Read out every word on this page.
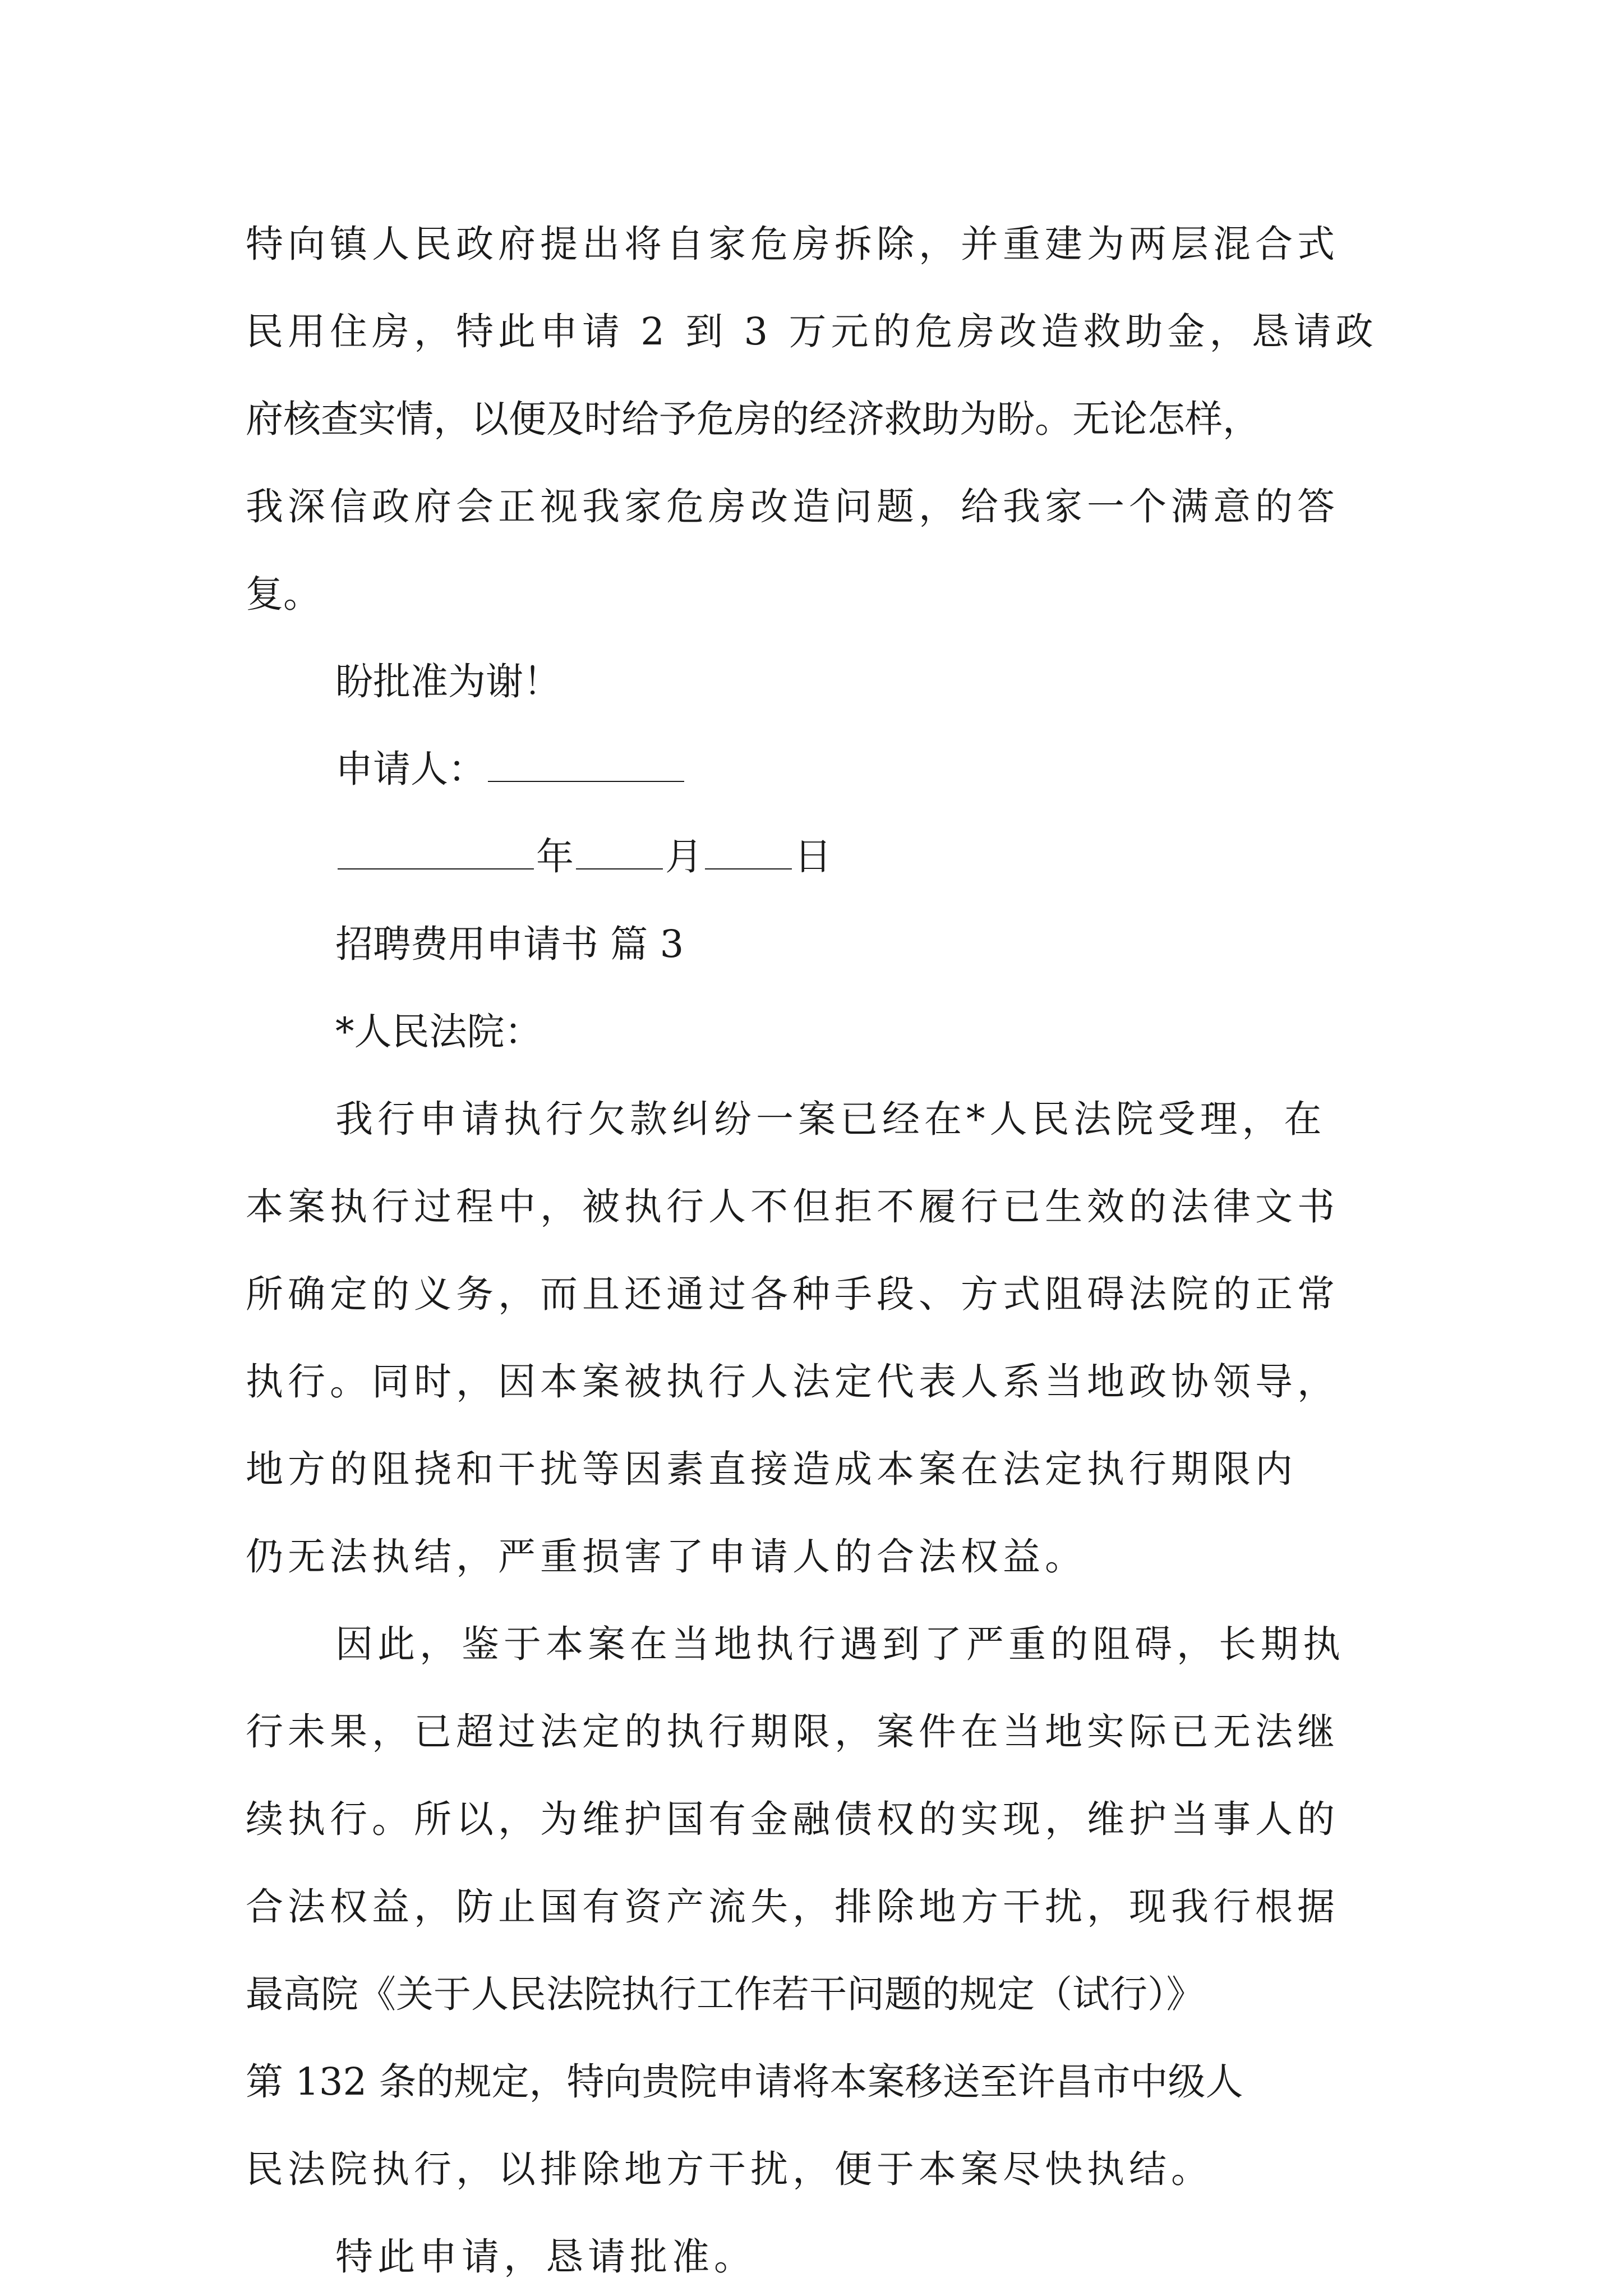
特向镇人民政府提出将自家危房拆除，并重建为两层混合式
民用住房，特此申请 2 到 3 万元的危房改造救助金，恳请政
府核查实情，以便及时给予危房的经济救助为盼。无论怎样，
我深信政府会正视我家危房改造问题，给我家一个满意的答
复。
盼批准为谢！
申请人：
年 月 日
招聘费用申请书 篇 3
*人民法院：
我行申请执行欠款纠纷一案已经在*人民法院受理，在
本案执行过程中，被执行人不但拒不履行已生效的法律文书
所确定的义务，而且还通过各种手段、方式阻碍法院的正常
执行。同时，因本案被执行人法定代表人系当地政协领导，
地方的阻挠和干扰等因素直接造成本案在法定执行期限内
仍无法执结，严重损害了申请人的合法权益。
因此，鉴于本案在当地执行遇到了严重的阻碍，长期执
行未果，已超过法定的执行期限，案件在当地实际已无法继
续执行。所以，为维护国有金融债权的实现，维护当事人的
合法权益，防止国有资产流失，排除地方干扰，现我行根据
最高院《关于人民法院执行工作若干问题的规定（试行）》
第 132 条的规定，特向贵院申请将本案移送至许昌市中级人
民法院执行，以排除地方干扰，便于本案尽快执结。
特此申请，恳请批准。
